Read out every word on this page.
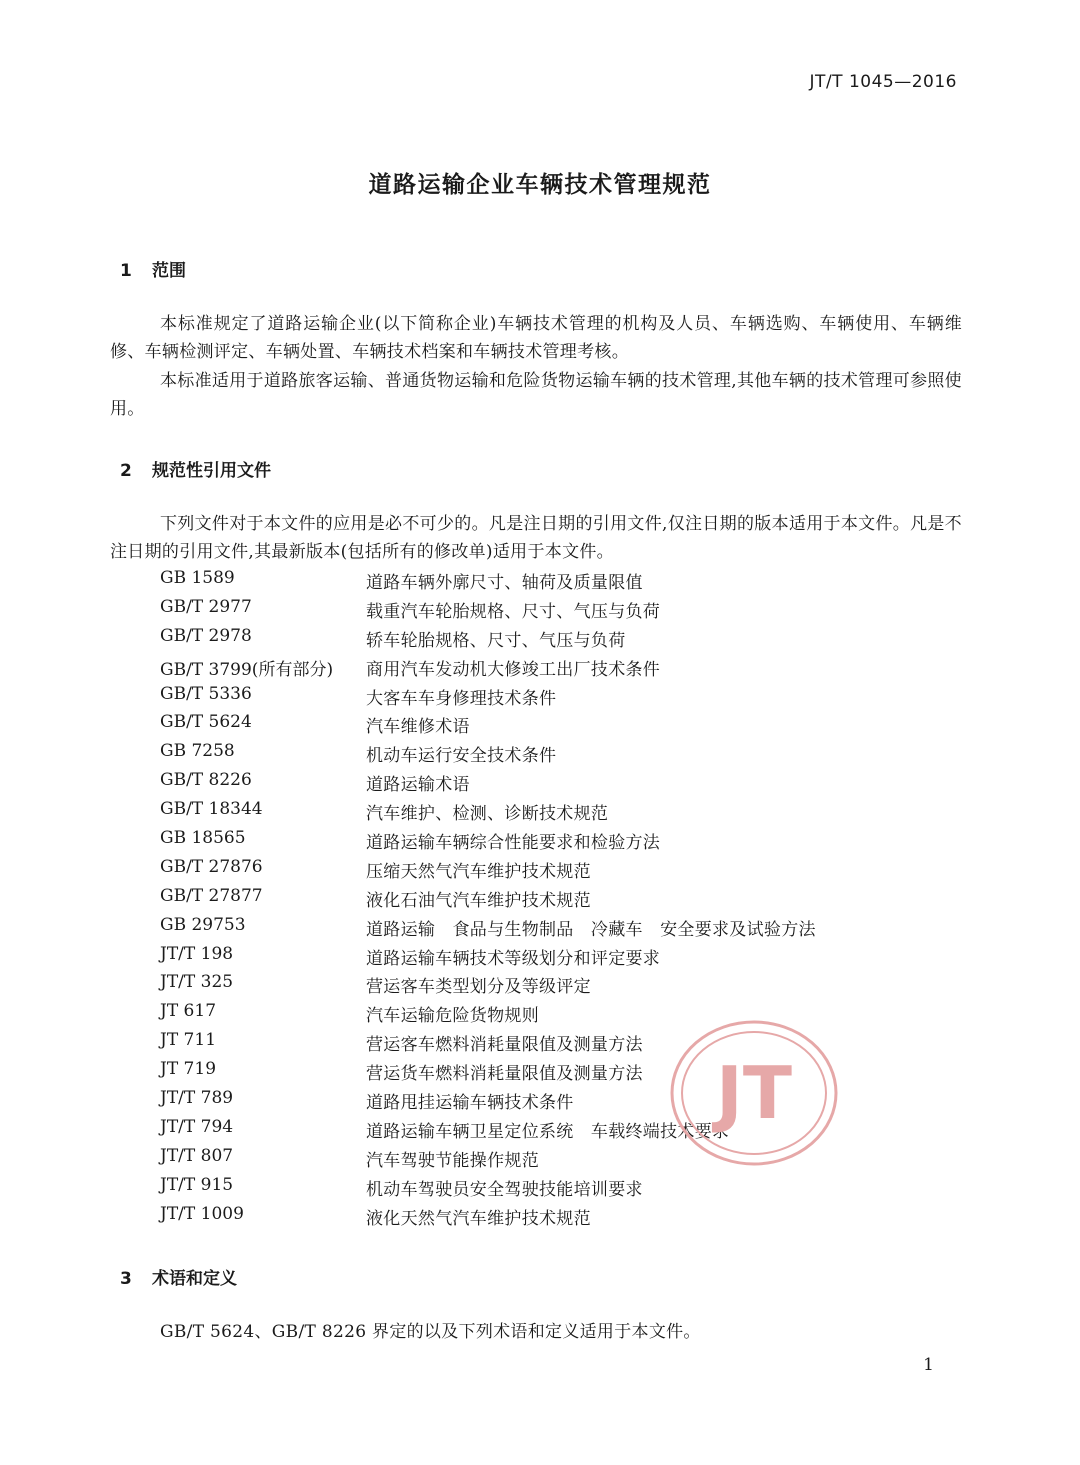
JT/T 1045—2016
道路运输企业车辆技术管理规范
1 范围
本标准规定了道路运输企业(以下简称企业)车辆技术管理的机构及人员、车辆选购、车辆使用、车辆维修、车辆检测评定、车辆处置、车辆技术档案和车辆技术管理考核。
本标准适用于道路旅客运输、普通货物运输和危险货物运输车辆的技术管理,其他车辆的技术管理可参照使用。
2 规范性引用文件
下列文件对于本文件的应用是必不可少的。凡是注日期的引用文件,仅注日期的版本适用于本文件。凡是不注日期的引用文件,其最新版本(包括所有的修改单)适用于本文件。
GB 1589	道路车辆外廓尺寸、轴荷及质量限值
GB/T 2977	载重汽车轮胎规格、尺寸、气压与负荷
GB/T 2978	轿车轮胎规格、尺寸、气压与负荷
GB/T 3799(所有部分) 商用汽车发动机大修竣工出厂技术条件
GB/T 5336	大客车车身修理技术条件
GB/T 5624	汽车维修术语
GB 7258	机动车运行安全技术条件
GB/T 8226	道路运输术语
GB/T 18344	汽车维护、检测、诊断技术规范
GB 18565	道路运输车辆综合性能要求和检验方法
GB/T 27876	压缩天然气汽车维护技术规范
GB/T 27877	液化石油气汽车维护技术规范
GB 29753	道路运输　食品与生物制品　冷藏车　安全要求及试验方法
JT/T 198	道路运输车辆技术等级划分和评定要求
JT/T 325	营运客车类型划分及等级评定
JT 617	汽车运输危险货物规则
JT 711	营运客车燃料消耗量限值及测量方法
JT 719	营运货车燃料消耗量限值及测量方法
JT/T 789	道路甩挂运输车辆技术条件
JT/T 794	道路运输车辆卫星定位系统　车载终端技术要求
JT/T 807	汽车驾驶节能操作规范
JT/T 915	机动车驾驶员安全驾驶技能培训要求
JT/T 1009	液化天然气汽车维护技术规范
3 术语和定义
GB/T 5624、GB/T 8226 界定的以及下列术语和定义适用于本文件。
JT
1
